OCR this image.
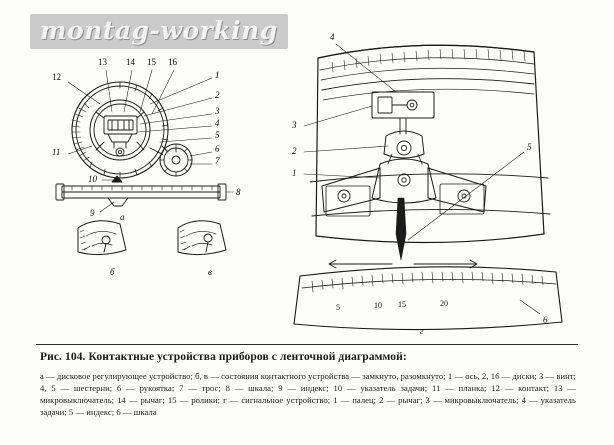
montag-working
12
13 14 15 16
1
2
3
4
5
6
7
8
9
10
11
а
б	в
4
3
2
1
5
6
5	10 15	20
г
Рис. 104. Контактные устройства приборов с ленточной диаграммой:
а — дисковое регулирующее устройство; б, в — состояния контактного устройства — замкнуто, разомкнуто; 1 — ось, 2, 16 — диски; 3 — винт; 4, 5 — шестерни; 6 — рукоятка; 7 — трос; 8 — шкала; 9 — индекс; 10 — указатель задачи; 11 — планка; 12 — контакт; 13 — микровыключатель; 14 — рычаг; 15 — ролики; г — сигнальное устройство; 1 — палец; 2 — рычаг; 3 — микровыключатель; 4 — указатель задачи; 5 — индекс; 6 — шкала
